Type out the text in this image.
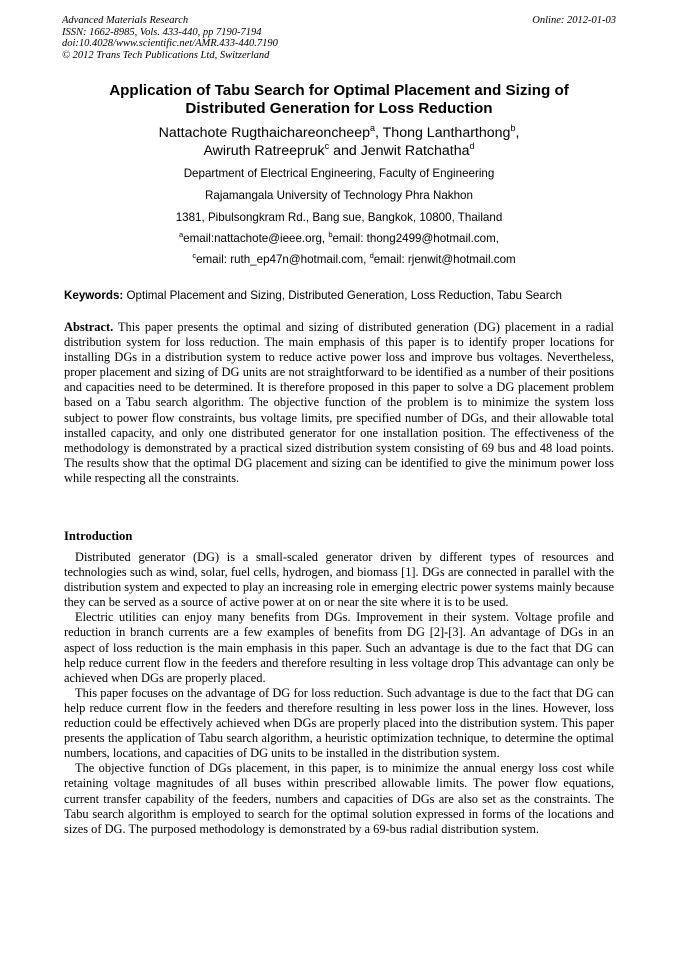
Advanced Materials Research
ISSN: 1662-8985, Vols. 433-440, pp 7190-7194
doi:10.4028/www.scientific.net/AMR.433-440.7190
© 2012 Trans Tech Publications Ltd, Switzerland
Online: 2012-01-03
Application of Tabu Search for Optimal Placement and Sizing of
Distributed Generation for Loss Reduction
Nattachote Rugthaichareoncheep$^a$, Thong Lantharthong$^b$,
Awiruth Ratreepruk$^c$ and Jenwit Ratchatha$^d$
Department of Electrical Engineering, Faculty of Engineering
Rajamangala University of Technology Phra Nakhon
1381, Pibulsongkram Rd., Bang sue, Bangkok, 10800, Thailand
$^a$email:nattachote@ieee.org, $^b$email: thong2499@hotmail.com,
$^c$email: ruth_ep47n@hotmail.com, $^d$email: rjenwit@hotmail.com
Keywords: Optimal Placement and Sizing, Distributed Generation, Loss Reduction, Tabu Search
Abstract. This paper presents the optimal and sizing of distributed generation (DG) placement in a radial distribution system for loss reduction. The main emphasis of this paper is to identify proper locations for installing DGs in a distribution system to reduce active power loss and improve bus voltages. Nevertheless, proper placement and sizing of DG units are not straightforward to be identified as a number of their positions and capacities need to be determined. It is therefore proposed in this paper to solve a DG placement problem based on a Tabu search algorithm. The objective function of the problem is to minimize the system loss subject to power flow constraints, bus voltage limits, pre specified number of DGs, and their allowable total installed capacity, and only one distributed generator for one installation position. The effectiveness of the methodology is demonstrated by a practical sized distribution system consisting of 69 bus and 48 load points. The results show that the optimal DG placement and sizing can be identified to give the minimum power loss while respecting all the constraints.
Introduction

Distributed generator (DG) is a small-scaled generator driven by different types of resources and technologies such as wind, solar, fuel cells, hydrogen, and biomass [1]. DGs are connected in parallel with the distribution system and expected to play an increasing role in emerging electric power systems mainly because they can be served as a source of active power at on or near the site where it is to be used.

Electric utilities can enjoy many benefits from DGs. Improvement in their system. Voltage profile and reduction in branch currents are a few examples of benefits from DG [2]-[3]. An advantage of DGs in an aspect of loss reduction is the main emphasis in this paper. Such an advantage is due to the fact that DG can help reduce current flow in the feeders and therefore resulting in less voltage drop This advantage can only be achieved when DGs are properly placed.

This paper focuses on the advantage of DG for loss reduction. Such advantage is due to the fact that DG can help reduce current flow in the feeders and therefore resulting in less power loss in the lines. However, loss reduction could be effectively achieved when DGs are properly placed into the distribution system. This paper presents the application of Tabu search algorithm, a heuristic optimization technique, to determine the optimal numbers, locations, and capacities of DG units to be installed in the distribution system.

The objective function of DGs placement, in this paper, is to minimize the annual energy loss cost while retaining voltage magnitudes of all buses within prescribed allowable limits. The power flow equations, current transfer capability of the feeders, numbers and capacities of DGs are also set as the constraints. The Tabu search algorithm is employed to search for the optimal solution expressed in forms of the locations and sizes of DG. The purposed methodology is demonstrated by a 69-bus radial distribution system.
